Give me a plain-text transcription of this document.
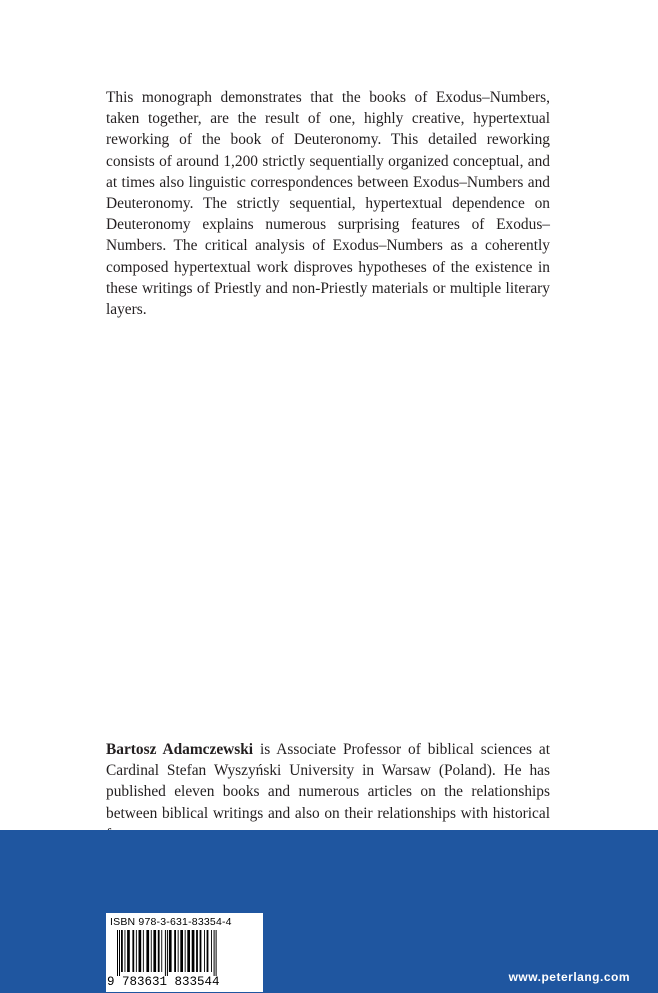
This monograph demonstrates that the books of Exodus–Numbers, taken together, are the result of one, highly creative, hypertextual reworking of the book of Deuteronomy. This detailed reworking consists of around 1,200 strictly sequentially organized conceptual, and at times also linguistic correspondences between Exodus–Numbers and Deuteronomy. The strictly sequential, hypertextual dependence on Deuteronomy explains numerous surprising features of Exodus–Numbers. The critical analysis of Exodus–Numbers as a coherently composed hypertextual work disproves hypotheses of the existence in these writings of Priestly and non-Priestly materials or multiple literary layers.

Bartosz Adamczewski is Associate Professor of biblical sciences at Cardinal Stefan Wyszyński University in Warsaw (Poland). He has published eleven books and numerous articles on the relationships between biblical writings and also on their relationships with historical

ISBN 978-3-631-83354-4
9 783631 833544	www.peterlang.com
